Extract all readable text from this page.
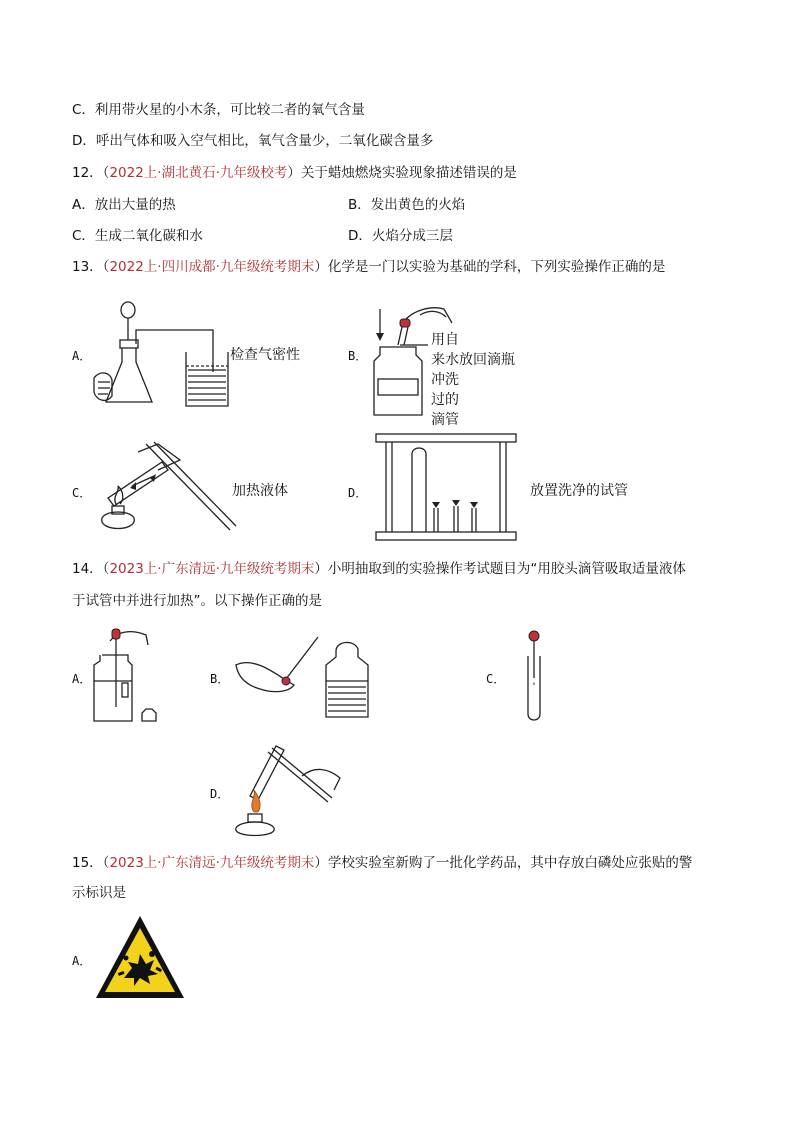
C．利用带火星的小木条，可比较二者的氧气含量
D．呼出气体和吸入空气相比，氧气含量少，二氧化碳含量多
12．（2022上·湖北黄石·九年级校考）关于蜡烛燃烧实验现象描述错误的是
A．放出大量的热	B．发出黄色的火焰
C．生成二氧化碳和水	D．火焰分成三层
13．（2022上·四川成都·九年级统考期末）化学是一门以实验为基础的学科，下列实验操作正确的是
A．	检查气密性	B．
用自
来水放回滴瓶
冲洗
过的
滴管
C．	加热液体	D．	放置洗净的试管
14．（2023上·广东清远·九年级统考期末）小明抽取到的实验操作考试题目为“用胶头滴管吸取适量液体
于试管中并进行加热”。以下操作正确的是
A．	B．	C．
D．
15．（2023上·广东清远·九年级统考期末）学校实验室新购了一批化学药品，其中存放白磷处应张贴的警
示标识是
A．
